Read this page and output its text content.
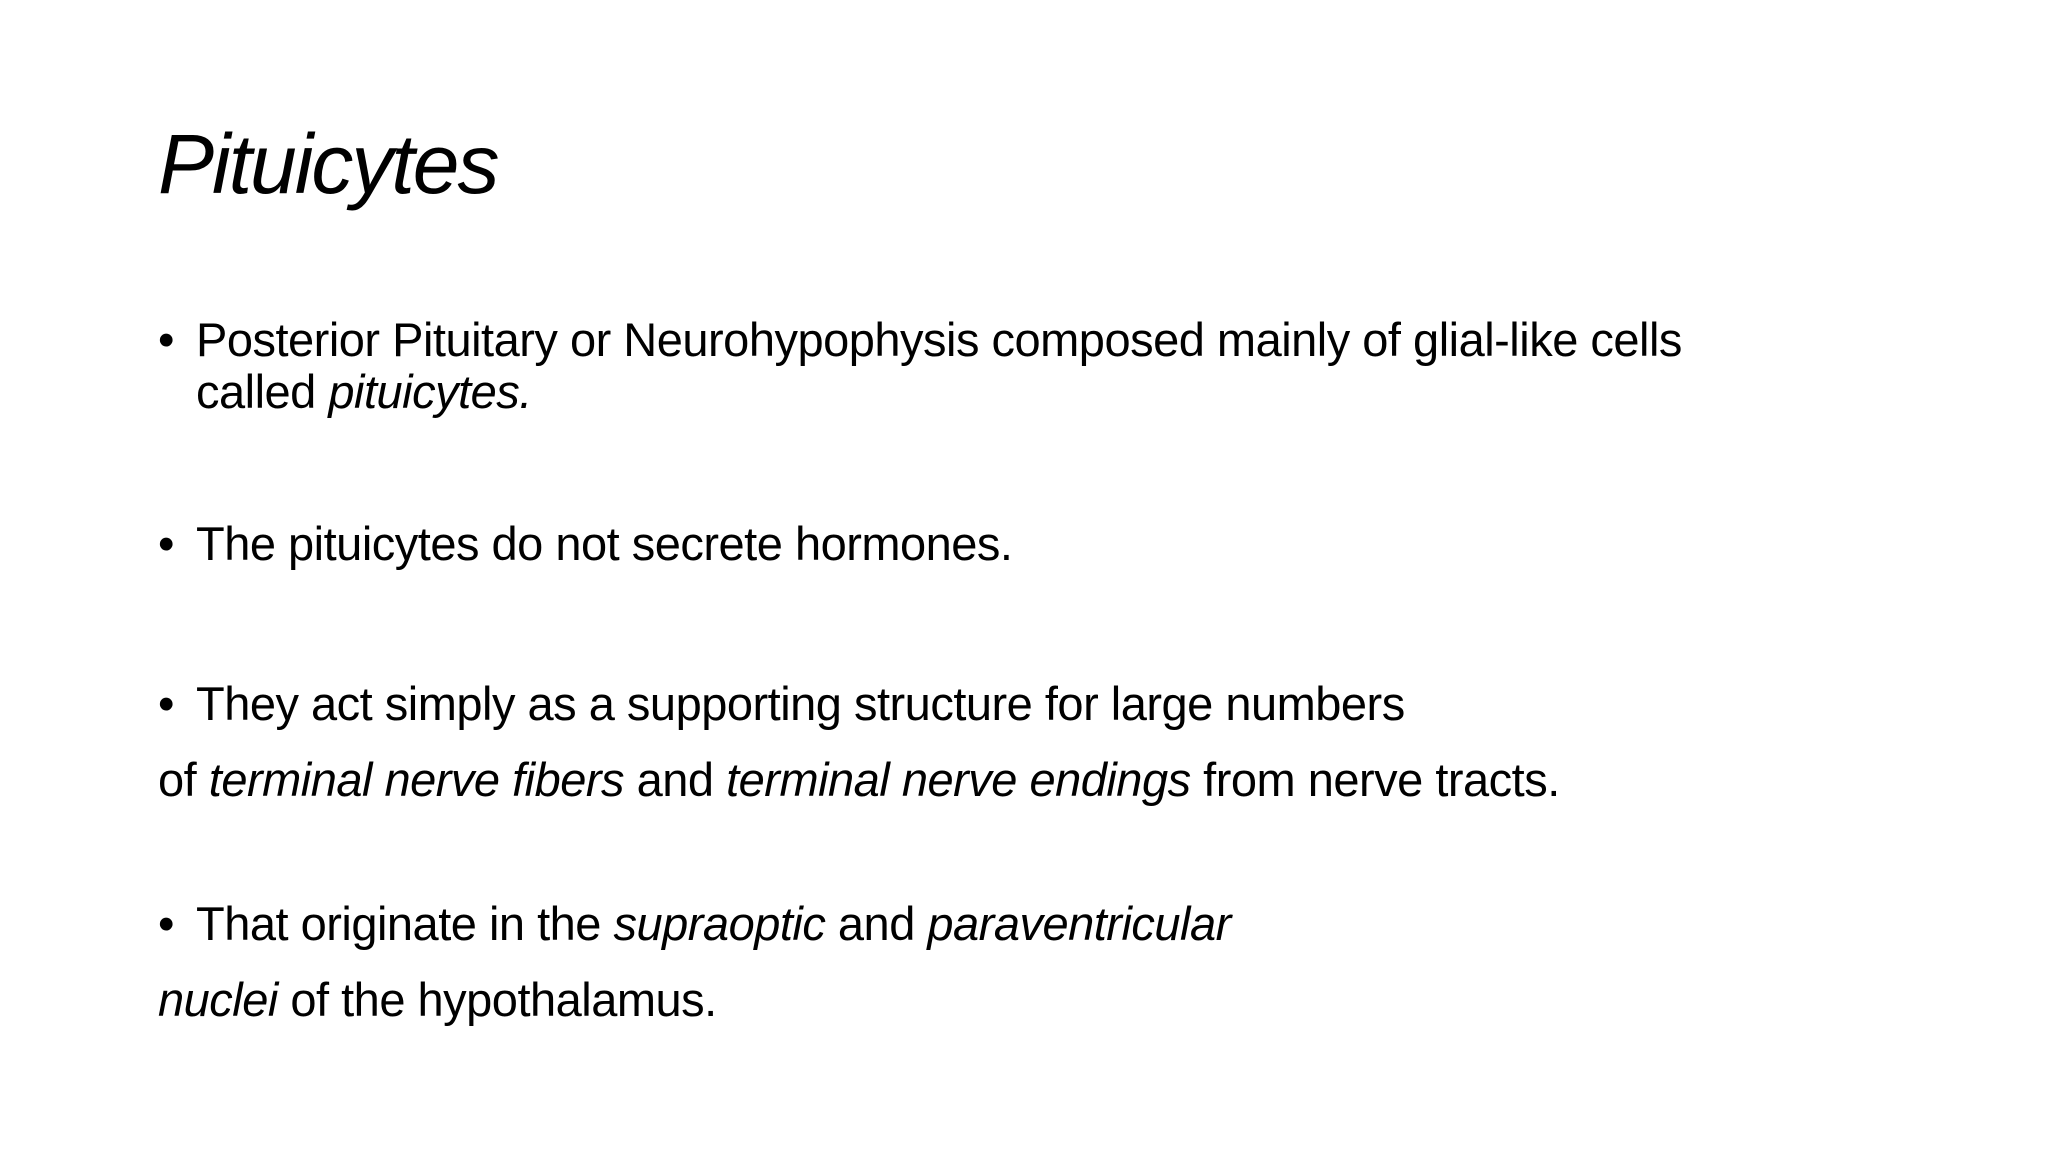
Pituicytes
• Posterior Pituitary or Neurohypophysis composed mainly of glial-like cells
called pituicytes.
• The pituicytes do not secrete hormones.
• They act simply as a supporting structure for large numbers
of terminal nerve fibers and terminal nerve endings from nerve tracts.
• That originate in the supraoptic and paraventricular
nuclei of the hypothalamus.
